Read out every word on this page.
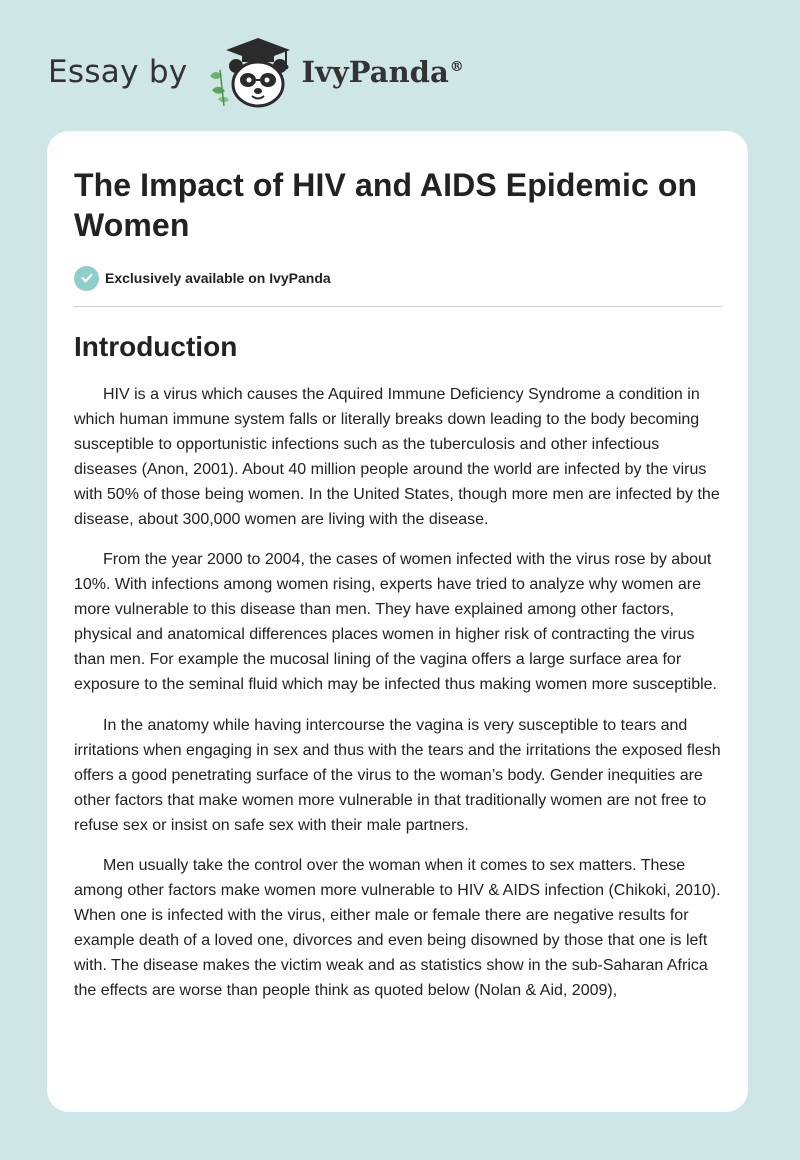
Essay by	IvyPanda®
The Impact of HIV and AIDS Epidemic on Women
Exclusively available on IvyPanda
Introduction

HIV is a virus which causes the Aquired Immune Deficiency Syndrome a condition in which human immune system falls or literally breaks down leading to the body becoming susceptible to opportunistic infections such as the tuberculosis and other infectious diseases (Anon, 2001). About 40 million people around the world are infected by the virus with 50% of those being women. In the United States, though more men are infected by the disease, about 300,000 women are living with the disease.

From the year 2000 to 2004, the cases of women infected with the virus rose by about 10%. With infections among women rising, experts have tried to analyze why women are more vulnerable to this disease than men. They have explained among other factors, physical and anatomical differences places women in higher risk of contracting the virus than men. For example the mucosal lining of the vagina offers a large surface area for exposure to the seminal fluid which may be infected thus making women more susceptible.

In the anatomy while having intercourse the vagina is very susceptible to tears and irritations when engaging in sex and thus with the tears and the irritations the exposed flesh offers a good penetrating surface of the virus to the woman’s body. Gender inequities are other factors that make women more vulnerable in that traditionally women are not free to refuse sex or insist on safe sex with their male partners.

Men usually take the control over the woman when it comes to sex matters. These among other factors make women more vulnerable to HIV & AIDS infection (Chikoki, 2010). When one is infected with the virus, either male or female there are negative results for example death of a loved one, divorces and even being disowned by those that one is left with. The disease makes the victim weak and as statistics show in the sub-Saharan Africa the effects are worse than people think as quoted below (Nolan & Aid, 2009),
